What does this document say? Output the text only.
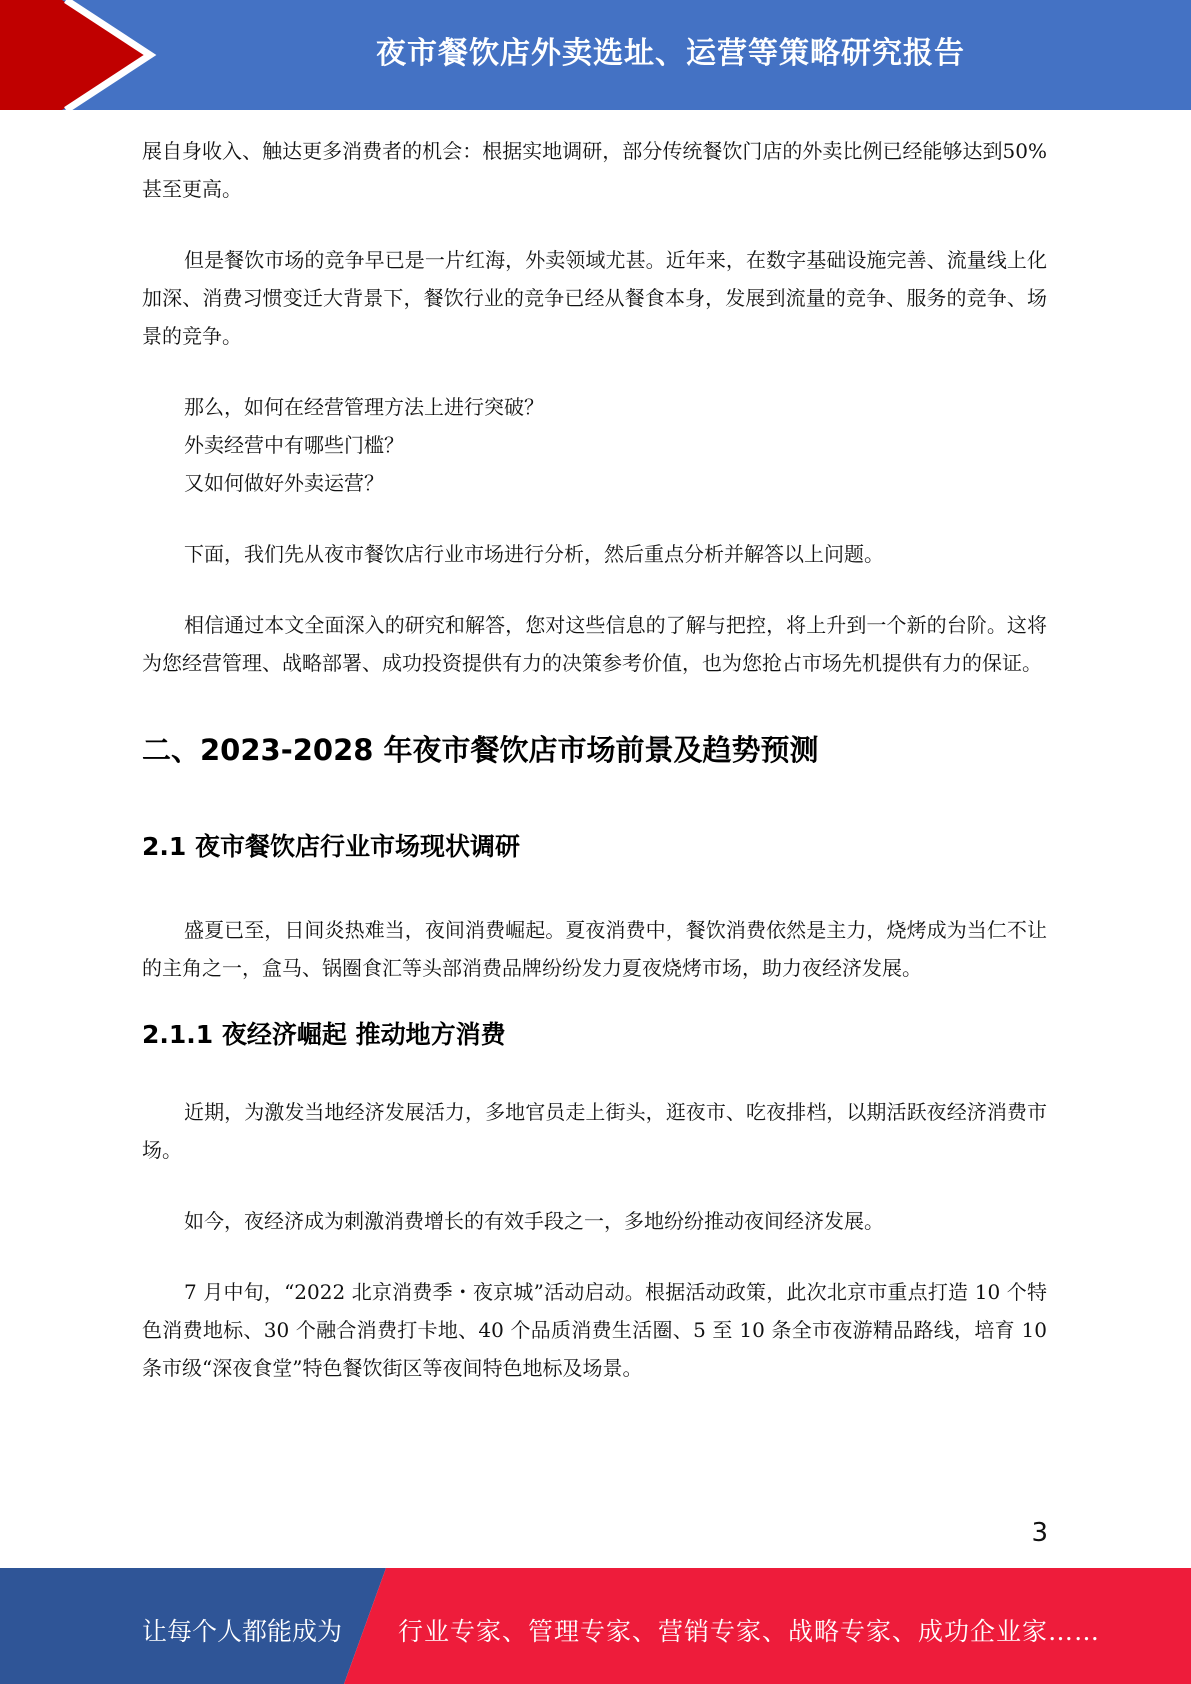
夜市餐饮店外卖选址、运营等策略研究报告

展自身收入、触达更多消费者的机会：根据实地调研，部分传统餐饮门店的外卖比例已经能够达到50%甚至更高。

但是餐饮市场的竞争早已是一片红海，外卖领域尤甚。近年来，在数字基础设施完善、流量线上化加深、消费习惯变迁大背景下，餐饮行业的竞争已经从餐食本身，发展到流量的竞争、服务的竞争、场景的竞争。

那么，如何在经营管理方法上进行突破？

外卖经营中有哪些门槛？

又如何做好外卖运营？

下面，我们先从夜市餐饮店行业市场进行分析，然后重点分析并解答以上问题。

相信通过本文全面深入的研究和解答，您对这些信息的了解与把控，将上升到一个新的台阶。这将为您经营管理、战略部署、成功投资提供有力的决策参考价值，也为您抢占市场先机提供有力的保证。

二、2023-2028 年夜市餐饮店市场前景及趋势预测
2.1 夜市餐饮店行业市场现状调研

盛夏已至，日间炎热难当，夜间消费崛起。夏夜消费中，餐饮消费依然是主力，烧烤成为当仁不让的主角之一，盒马、锅圈食汇等头部消费品牌纷纷发力夏夜烧烤市场，助力夜经济发展。

2.1.1 夜经济崛起 推动地方消费

近期，为激发当地经济发展活力，多地官员走上街头，逛夜市、吃夜排档，以期活跃夜经济消费市场。

如今，夜经济成为刺激消费增长的有效手段之一，多地纷纷推动夜间经济发展。

7 月中旬，“2022 北京消费季・夜京城”活动启动。根据活动政策，此次北京市重点打造 10 个特色消费地标、30 个融合消费打卡地、40 个品质消费生活圈、5 至 10 条全市夜游精品路线，培育 10 条市级“深夜食堂”特色餐饮街区等夜间特色地标及场景。

3
让每个人都能成为 行业专家、管理专家、营销专家、战略专家、成功企业家……
